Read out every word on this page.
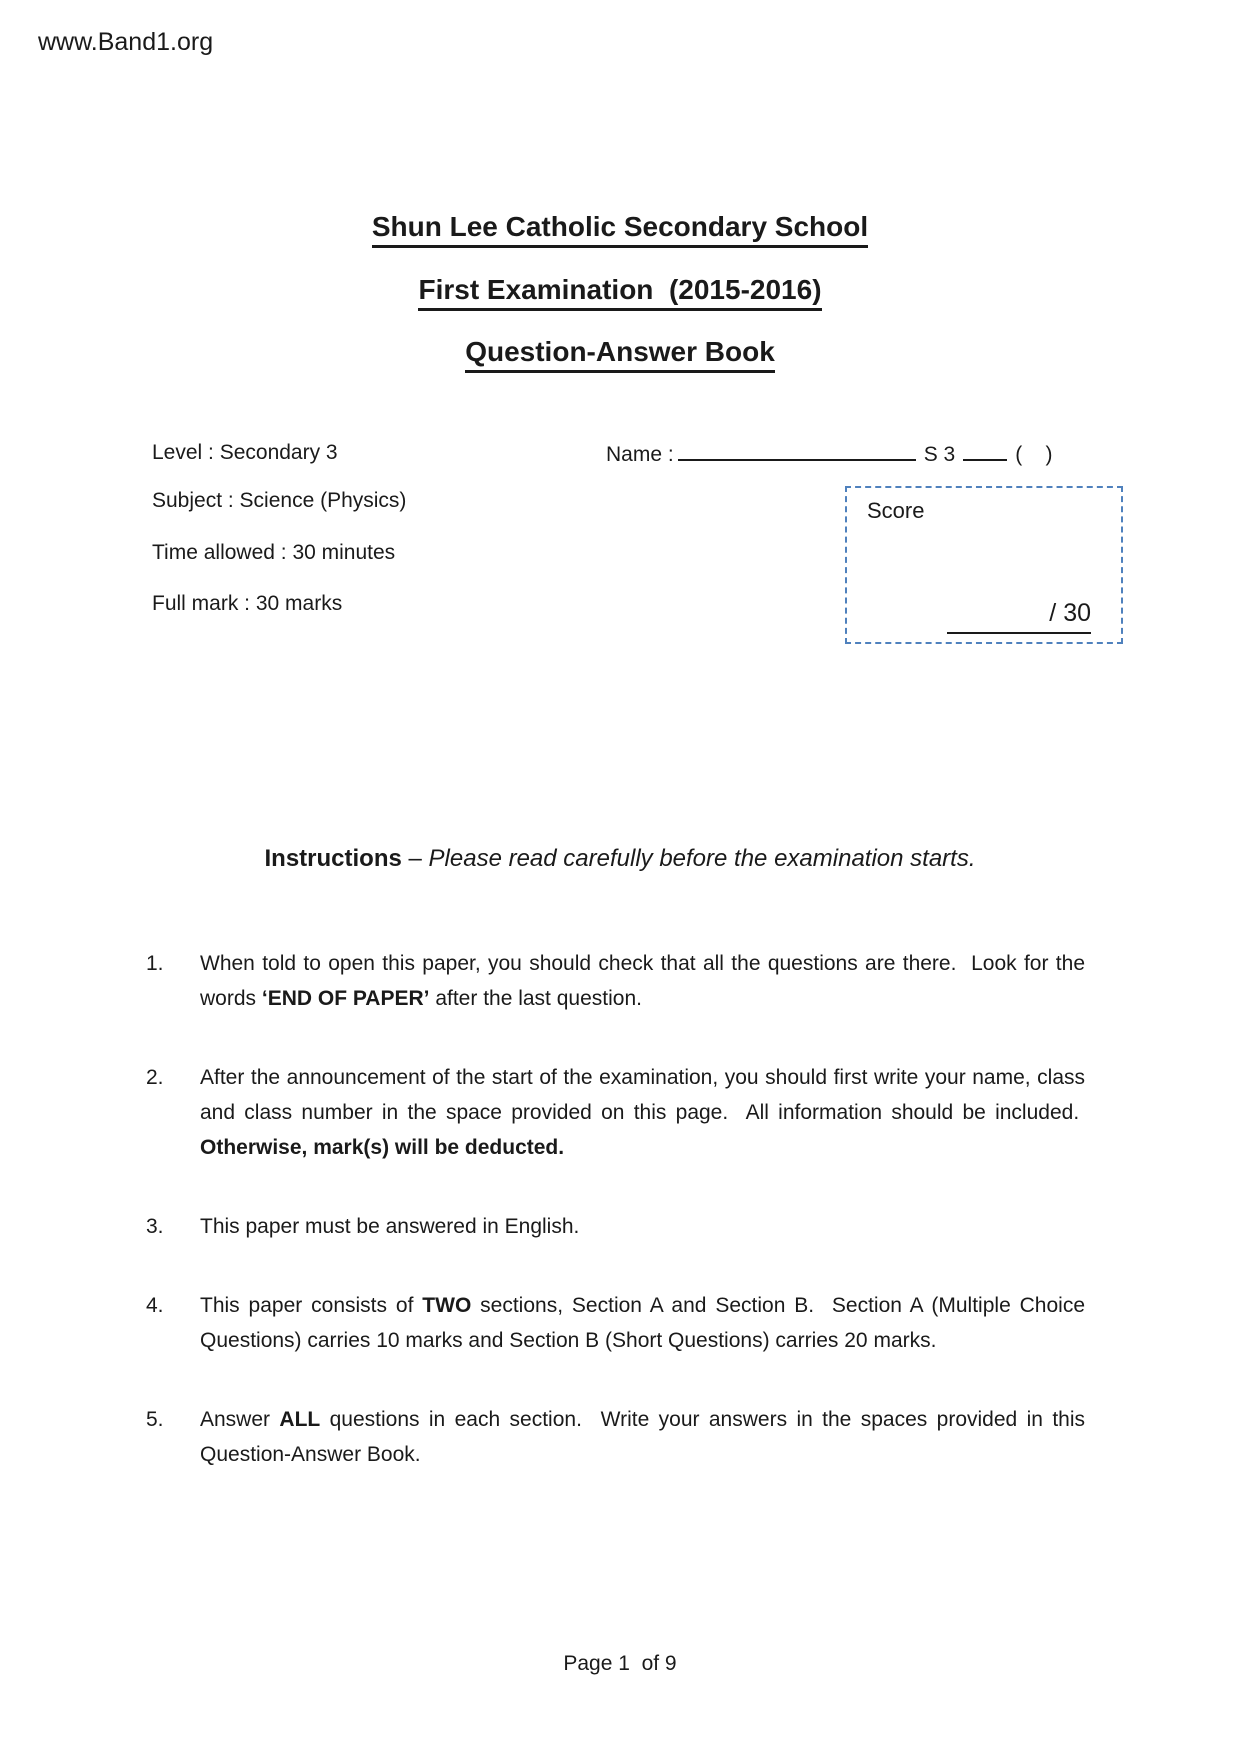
www.Band1.org
Shun Lee Catholic Secondary School
First Examination  (2015-2016)
Question-Answer Book
Level : Secondary 3
Subject : Science (Physics)
Time allowed : 30 minutes
Full mark : 30 marks
Name :	S 3	(    )
Score
/ 30
Instructions – Please read carefully before the examination starts.
1.	When told to open this paper, you should check that all the questions are there.  Look for the words ‘END OF PAPER’ after the last question.
2.	After the announcement of the start of the examination, you should first write your name, class and class number in the space provided on this page.  All information should be included.  Otherwise, mark(s) will be deducted.
3.	This paper must be answered in English.
4.	This paper consists of TWO sections, Section A and Section B.  Section A (Multiple Choice Questions) carries 10 marks and Section B (Short Questions) carries 20 marks.
5.	Answer ALL questions in each section.  Write your answers in the spaces provided in this Question-Answer Book.
Page 1  of 9
